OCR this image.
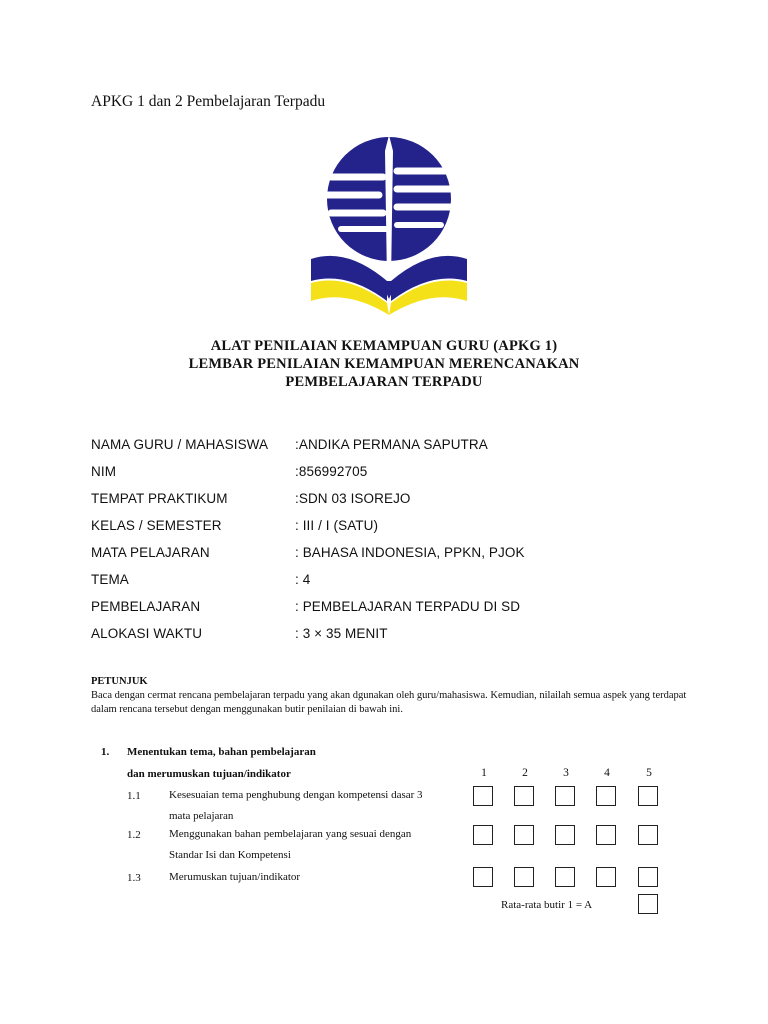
APKG 1 dan 2 Pembelajaran Terpadu
ALAT PENILAIAN KEMAMPUAN GURU (APKG 1)
LEMBAR PENILAIAN KEMAMPUAN MERENCANAKAN
PEMBELAJARAN TERPADU
NAMA GURU / MAHASISWA :ANDIKA PERMANA SAPUTRA
NIM	:856992705
TEMPAT PRAKTIKUM	:SDN 03 ISOREJO
KELAS / SEMESTER	: III / I (SATU)
MATA PELAJARAN	: BAHASA INDONESIA, PPKN, PJOK
TEMA	: 4
PEMBELAJARAN	: PEMBELAJARAN TERPADU DI SD
ALOKASI WAKTU	: 3 × 35 MENIT
PETUNJUK
Baca dengan cermat rencana pembelajaran terpadu yang akan dgunakan oleh guru/mahasiswa. Kemudian, nilailah semua aspek yang terdapat dalam rencana tersebut dengan menggunakan butir penilaian di bawah ini.
1. Menentukan tema, bahan pembelajaran
dan merumuskan tujuan/indikator	1	2	3	4	5
1.1	Kesesuaian tema penghubung dengan kompetensi dasar 3 mata pelajaran
1.2	Menggunakan bahan pembelajaran yang sesuai dengan Standar Isi dan Kompetensi
1.3	Merumuskan tujuan/indikator
Rata-rata butir 1 = A
